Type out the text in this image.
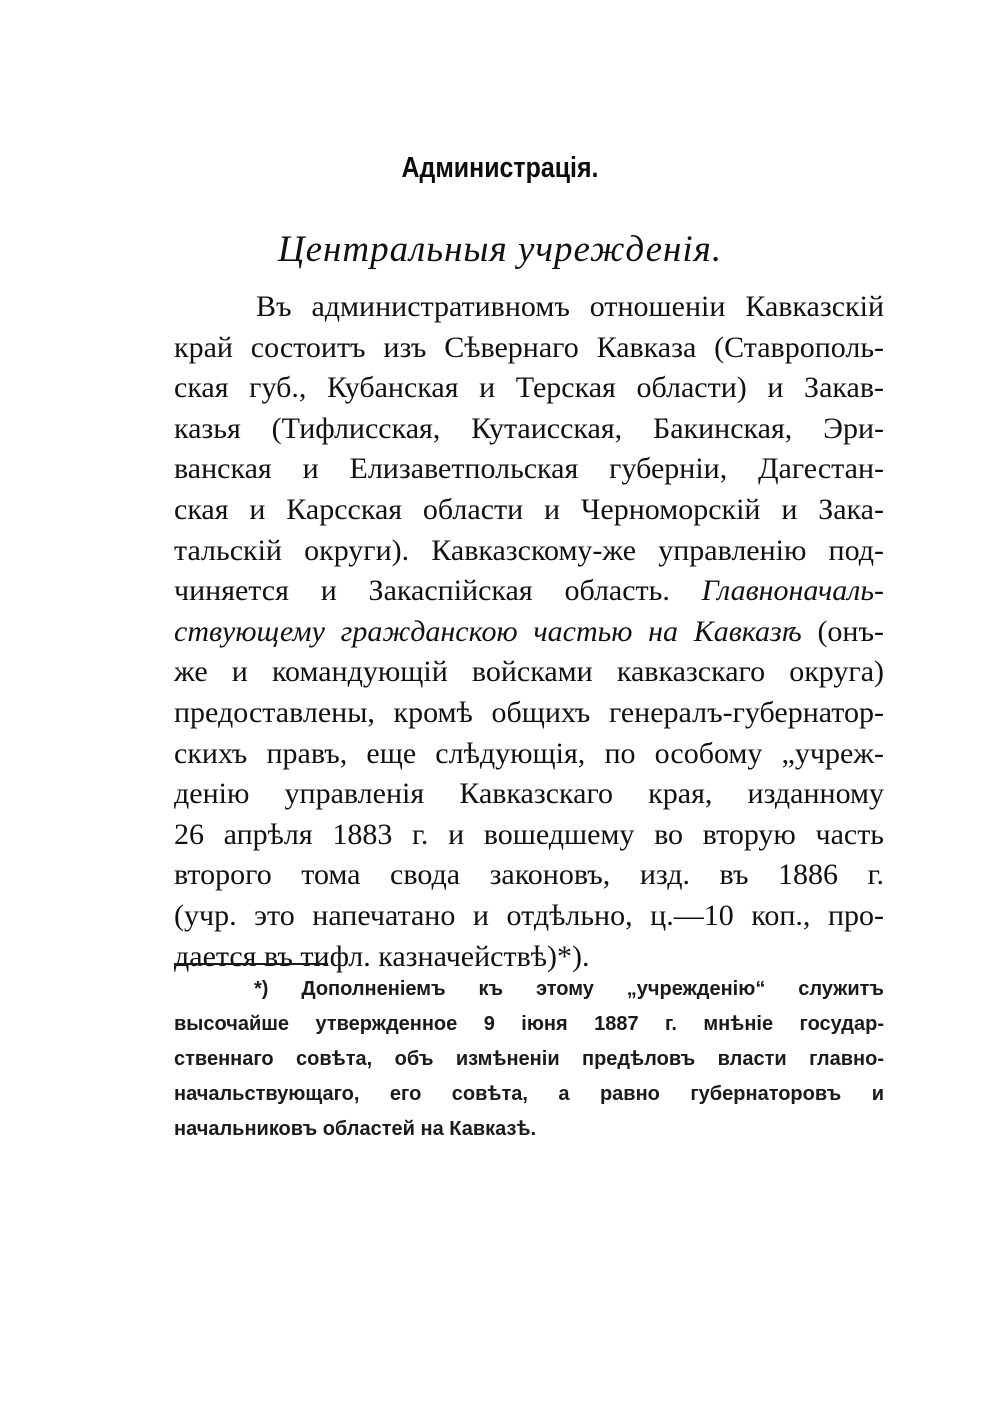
Администрацiя.
Центральныя учрежденiя.
Въ административномъ отношенiи Кавказскiй
край состоитъ изъ Сѣвернаго Кавказа (Ставрополь-
ская губ., Кубанская и Терская области) и Закав-
казья (Тифлисская, Кутаисская, Бакинская, Эри-
ванская и Елизаветпольская губернiи, Дагестан-
ская и Карсская области и Черноморскiй и Зака-
тальскiй округи). Кавказскому-же управленiю под-
чиняется и Закаспiйская область. Главноначаль-
ствующему гражданскою частью на Кавказѣ (онъ-
же и командующiй войсками кавказскаго округа)
предоставлены, кромѣ общихъ генералъ-губернатор-
скихъ правъ, еще слѣдующiя, по особому „учреж-
денiю управленiя Кавказскаго края, изданному
26 апрѣля 1883 г. и вошедшему во вторую часть
второго тома свода законовъ, изд. въ 1886 г.
(учр. это напечатано и отдѣльно, ц.—10 коп., про-
дается въ тифл. казначействѣ)*).
*) Дополненiемъ къ этому „учрежденiю“ служитъ
высочайше утвержденное 9 iюня 1887 г. мнѣнiе государ-
ственнаго совѣта, объ измѣненiи предѣловъ власти главно-
начальствующаго, его совѣта, а равно губернаторовъ и
начальниковъ областей на Кавказѣ.
